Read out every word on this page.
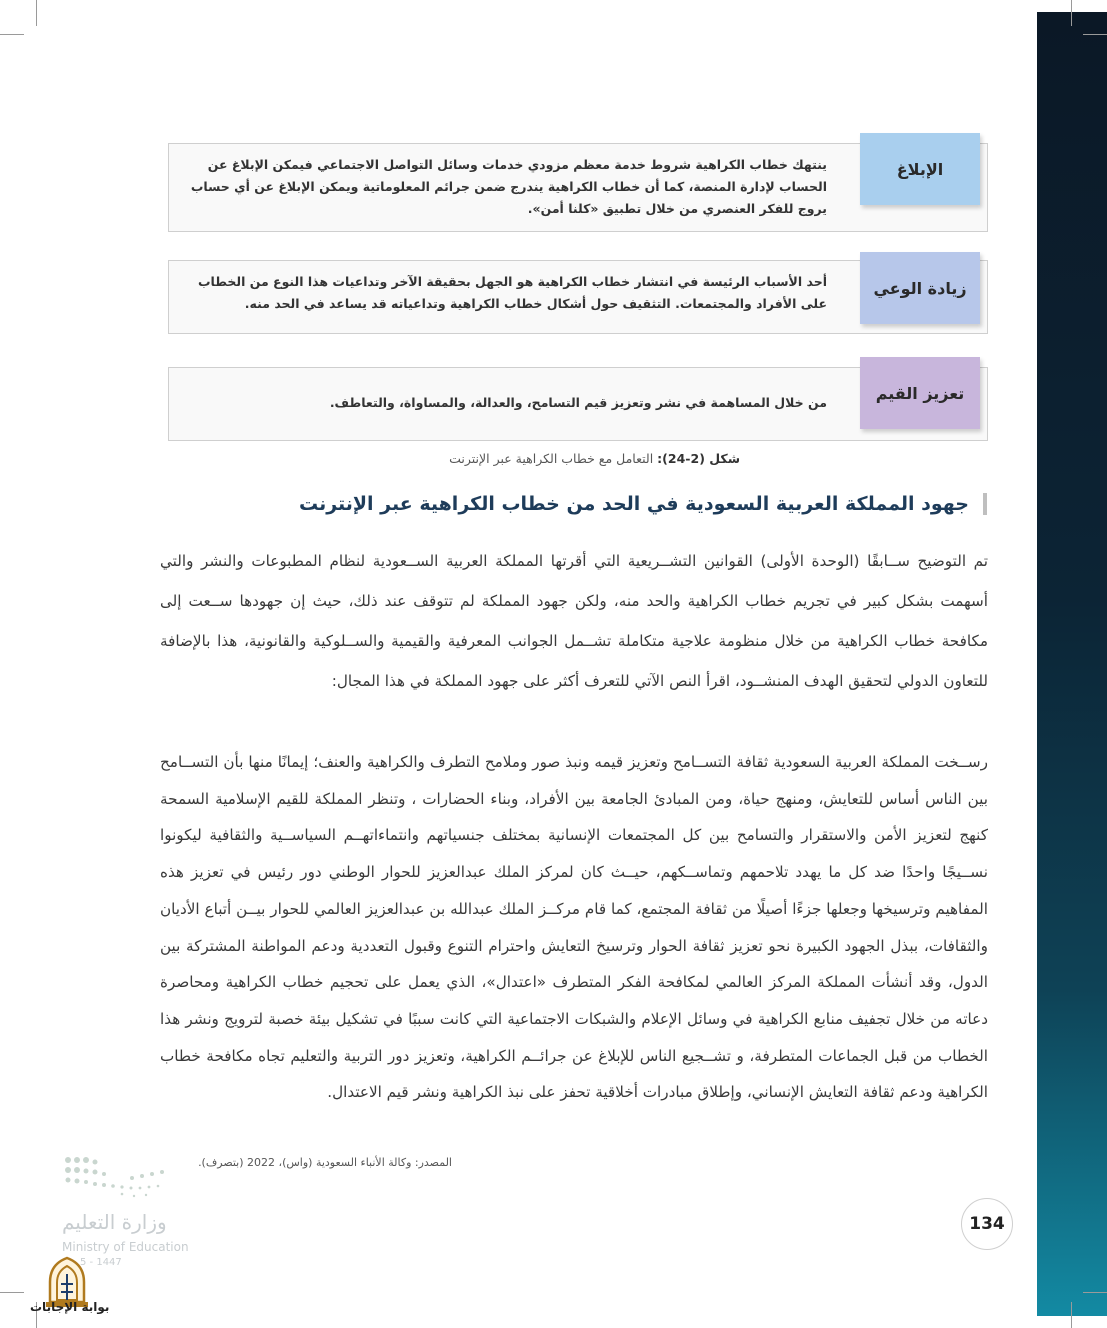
ينتهك خطاب الكراهية شروط خدمة معظم مزودي خدمات وسائل التواصل الاجتماعي فيمكن الإبلاغ عن الحساب لإدارة المنصة، كما أن خطاب الكراهية يندرج ضمن جرائم المعلوماتية ويمكن الإبلاغ عن أي حساب يروج للفكر العنصري من خلال تطبيق «كلنا أمن».
الإبلاغ
أحد الأسباب الرئيسة في انتشار خطاب الكراهية هو الجهل بحقيقة الآخر وتداعيات هذا النوع من الخطاب على الأفراد والمجتمعات. التثقيف حول أشكال خطاب الكراهية وتداعياته قد يساعد في الحد منه.
زيادة الوعي
من خلال المساهمة في نشر وتعزيز قيم التسامح، والعدالة، والمساواة، والتعاطف.	تعزيز القيم
شكل (2-24): التعامل مع خطاب الكراهية عبر الإنترنت
جهود المملكة العربية السعودية في الحد من خطاب الكراهية عبر الإنترنت
تم التوضيح ســابقًا (الوحدة الأولى) القوانين التشــريعية التي أقرتها المملكة العربية الســعودية لنظام المطبوعات والنشر والتي أسهمت بشكل كبير في تجريم خطاب الكراهية والحد منه، ولكن جهود المملكة لم تتوقف عند ذلك، حيث إن جهودها ســعت إلى مكافحة خطاب الكراهية من خلال منظومة علاجية متكاملة تشــمل الجوانب المعرفية والقيمية والســلوكية والقانونية، هذا بالإضافة للتعاون الدولي لتحقيق الهدف المنشــود، اقرأ النص الآتي للتعرف أكثر على جهود المملكة في هذا المجال:
رســخت المملكة العربية السعودية ثقافة التســامح وتعزيز قيمه ونبذ صور وملامح التطرف والكراهية والعنف؛ إيمانًا منها بأن التســامح بين الناس أساس للتعايش، ومنهج حياة، ومن المبادئ الجامعة بين الأفراد، وبناء الحضارات ، وتنظر المملكة للقيم الإسلامية السمحة كنهج لتعزيز الأمن والاستقرار والتسامح بين كل المجتمعات الإنسانية بمختلف جنسياتهم وانتماءاتهــم السياســية والثقافية ليكونوا نســيجًا واحدًا ضد كل ما يهدد تلاحمهم وتماســكهم، حيــث كان لمركز الملك عبدالعزيز للحوار الوطني دور رئيس في تعزيز هذه المفاهيم وترسيخها وجعلها جزءًا أصيلًا من ثقافة المجتمع، كما قام مركــز الملك عبدالله بن عبدالعزيز العالمي للحوار بيــن أتباع الأديان والثقافات، ببذل الجهود الكبيرة نحو تعزيز ثقافة الحوار وترسيخ التعايش واحترام التنوع وقبول التعددية ودعم المواطنة المشتركة بين الدول، وقد أنشأت المملكة المركز العالمي لمكافحة الفكر المتطرف «اعتدال»، الذي يعمل على تحجيم خطاب الكراهية ومحاصرة دعاته من خلال تجفيف منابع الكراهية في وسائل الإعلام والشبكات الاجتماعية التي كانت سببًا في تشكيل بيئة خصبة لترويج ونشر هذا الخطاب من قبل الجماعات المتطرفة، و تشــجيع الناس للإبلاغ عن جرائــم الكراهية، وتعزيز دور التربية والتعليم تجاه مكافحة خطاب الكراهية ودعم ثقافة التعايش الإنساني، وإطلاق مبادرات أخلاقية تحفز على نبذ الكراهية ونشر قيم الاعتدال.
المصدر: وكالة الأنباء السعودية (واس)، 2022 (بتصرف).
134
وزارة التعليم
Ministry of Education
5 - 1447
بوابة الإجابات
